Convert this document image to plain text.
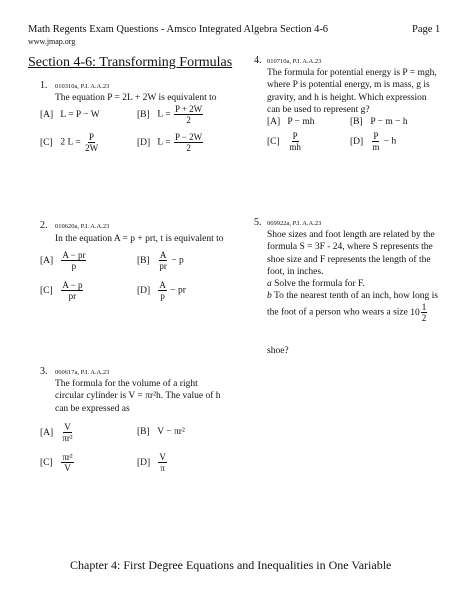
Math Regents Exam Questions - Amsco Integrated Algebra Section 4-6	Page 1
www.jmap.org
Section 4-6: Transforming Formulas
1. 010310a, P.I. A.A.23
The equation P = 2L + 2W is equivalent to
[A] L = P − W	[B] $L = \frac{P + 2W}{2}$
[C] 2 $L = \frac{P}{2W}$	[D] $L = \frac{P - 2W}{2}$
2. 010620a, P.I. A.A.23
In the equation A = p + prt, t is equivalent to
$[A] \frac{A - pr}{p}$	$[B] \frac{A}{pr} - p$
$[C] \frac{A - p}{pr}$	$[D] \frac{A}{p}$ − pr
3. 060617a, P.I. A.A.23
The formula for the volume of a right circular cylinder is V = πr²h. The value of h can be expressed as
$[A] \frac{V}{\text{πr²}}$	[B] V − πr²
$[C] \frac{\text{πr²}}{V}$	$[D] \frac{V}{\pi}$
4. 010710a, P.I. A.A.23
The formula for potential energy is P = mgh, where P is potential energy, m is mass, g is gravity, and h is height. Which expression can be used to represent g?
[A] P − mh	[B] P − m − h
$[C] \frac{P}{mh}$	$[D] \frac{P}{m} - h$
5. 069922a, P.I. A.A.23
Shoe sizes and foot length are related by the formula S = 3F - 24, where S represents the shoe size and F represents the length of the foot, in inches.
a Solve the formula for F.
b To the nearest tenth of an inch, how long is the foot of a person who wears a size $10 \frac{1}{2}$
shoe?
Chapter 4: First Degree Equations and Inequalities in One Variable
